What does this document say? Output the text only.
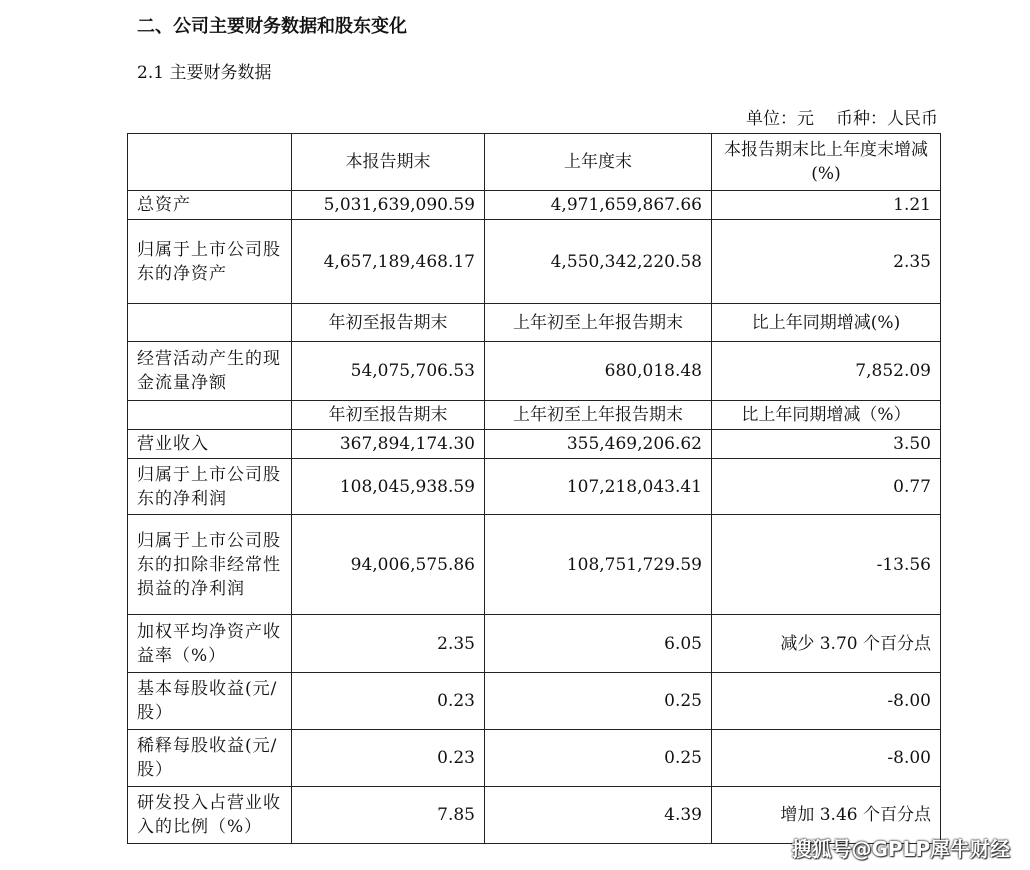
二、公司主要财务数据和股东变化
2.1 主要财务数据
单位：元 币种：人民币
	本报告期末	上年度末	本报告期末比上年度末增减(%)
总资产	5,031,639,090.59	4,971,659,867.66	1.21
归属于上市公司股东的净资产	4,657,189,468.17	4,550,342,220.58	2.35
	年初至报告期末	上年初至上年报告期末	比上年同期增减(%)
经营活动产生的现金流量净额	54,075,706.53	680,018.48	7,852.09
	年初至报告期末	上年初至上年报告期末	比上年同期增减（%）
营业收入	367,894,174.30	355,469,206.62	3.50
归属于上市公司股东的净利润	108,045,938.59	107,218,043.41	0.77
归属于上市公司股东的扣除非经常性损益的净利润	94,006,575.86	108,751,729.59	-13.56
加权平均净资产收益率（%）	2.35	6.05	减少 3.70 个百分点
基本每股收益(元/股）	0.23	0.25	-8.00
稀释每股收益(元/股）	0.23	0.25	-8.00
研发投入占营业收入的比例（%）	7.85	4.39	增加 3.46 个百分点
搜狐号@GPLP犀牛财经
